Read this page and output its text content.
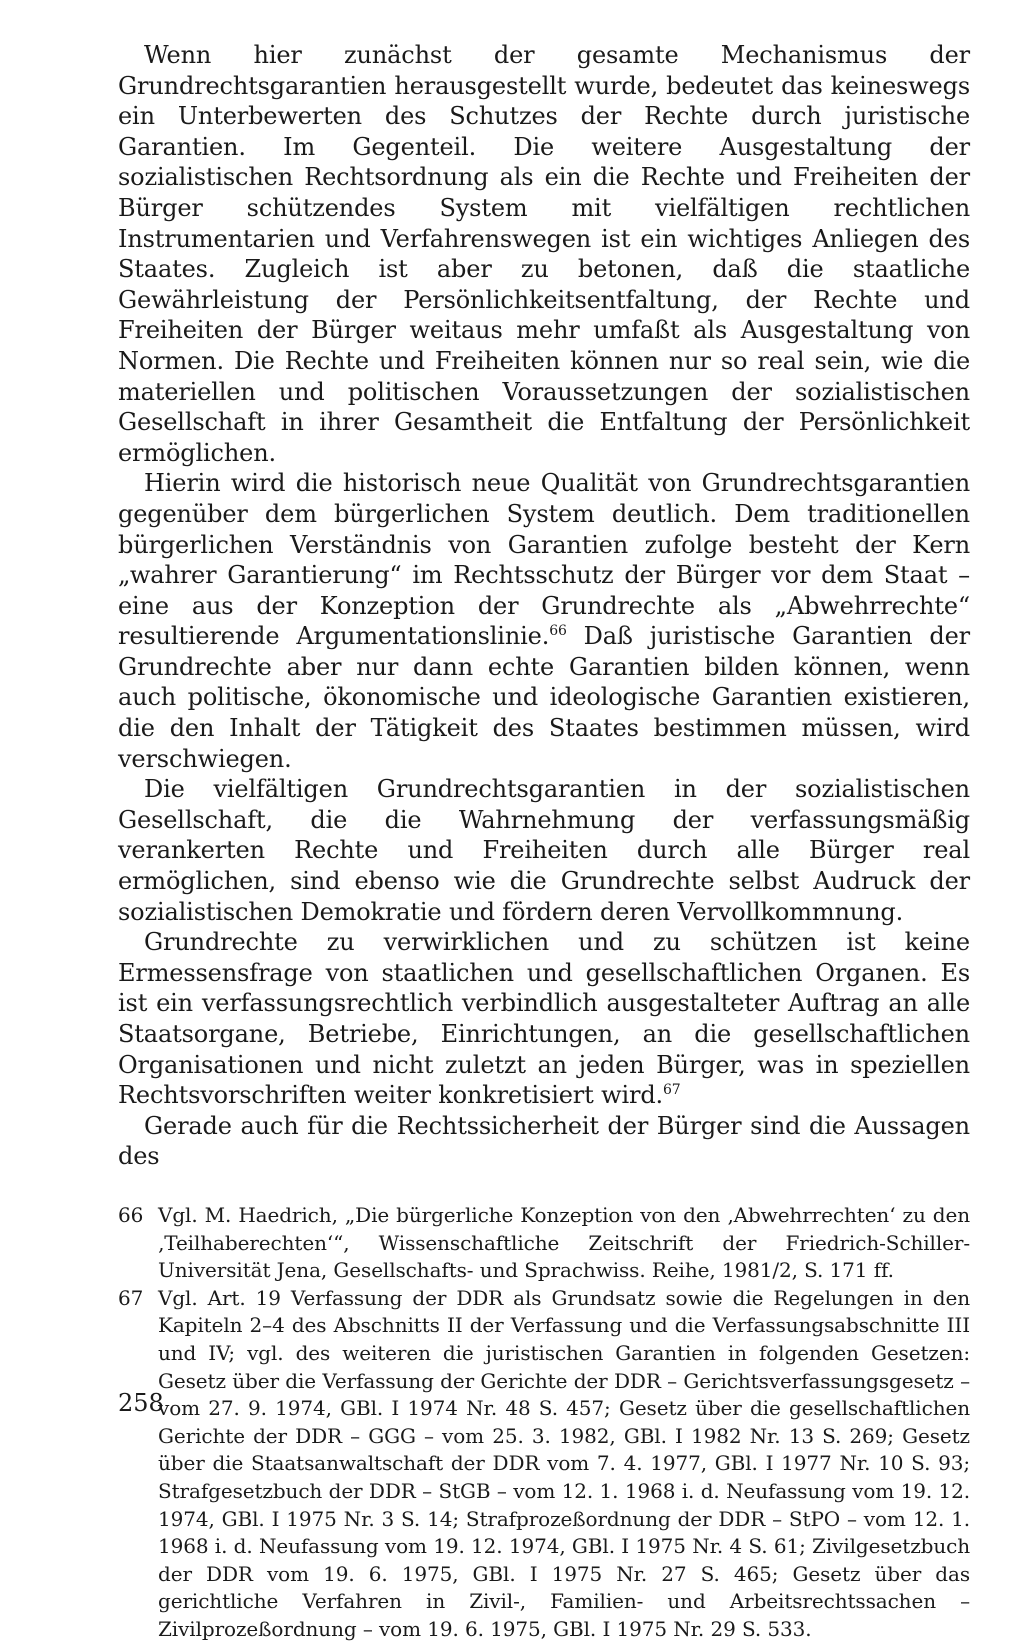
Wenn hier zunächst der gesamte Mechanismus der Grundrechtsgarantien herausgestellt wurde, bedeutet das keineswegs ein Unterbewerten des Schutzes der Rechte durch juristische Garantien. Im Gegenteil. Die weitere Ausgestaltung der sozialistischen Rechtsordnung als ein die Rechte und Freiheiten der Bürger schützendes System mit vielfältigen rechtlichen Instrumentarien und Verfahrenswegen ist ein wichtiges Anliegen des Staates. Zugleich ist aber zu betonen, daß die staatliche Gewährleistung der Persönlichkeitsentfaltung, der Rechte und Freiheiten der Bürger weitaus mehr umfaßt als Ausgestaltung von Normen. Die Rechte und Freiheiten können nur so real sein, wie die materiellen und politischen Voraussetzungen der sozialistischen Gesellschaft in ihrer Gesamtheit die Entfaltung der Persönlichkeit ermöglichen.

Hierin wird die historisch neue Qualität von Grundrechtsgarantien gegenüber dem bürgerlichen System deutlich. Dem traditionellen bürgerlichen Verständnis von Garantien zufolge besteht der Kern „wahrer Garantierung“ im Rechtsschutz der Bürger vor dem Staat – eine aus der Konzeption der Grundrechte als „Abwehrrechte“ resultierende Argumentationslinie.$^{66}$ Daß juristische Garantien der Grundrechte aber nur dann echte Garantien bilden können, wenn auch politische, ökonomische und ideologische Garantien existieren, die den Inhalt der Tätigkeit des Staates bestimmen müssen, wird verschwiegen.

Die vielfältigen Grundrechtsgarantien in der sozialistischen Gesellschaft, die die Wahrnehmung der verfassungsmäßig verankerten Rechte und Freiheiten durch alle Bürger real ermöglichen, sind ebenso wie die Grundrechte selbst Audruck der sozialistischen Demokratie und fördern deren Vervollkommnung.

Grundrechte zu verwirklichen und zu schützen ist keine Ermessensfrage von staatlichen und gesellschaftlichen Organen. Es ist ein verfassungsrechtlich verbindlich ausgestalteter Auftrag an alle Staatsorgane, Betriebe, Einrichtungen, an die gesellschaftlichen Organisationen und nicht zuletzt an jeden Bürger, was in speziellen Rechtsvorschriften weiter konkretisiert wird.$^{67}$

Gerade auch für die Rechtssicherheit der Bürger sind die Aussagen des

66 Vgl. M. Haedrich, „Die bürgerliche Konzeption von den ‚Abwehrrechten‘ zu den ‚Teilhaberechten‘“, Wissenschaftliche Zeitschrift der Friedrich-Schiller-Universität Jena, Gesellschafts- und Sprachwiss. Reihe, 1981/2, S. 171 ff.
67 Vgl. Art. 19 Verfassung der DDR als Grundsatz sowie die Regelungen in den Kapiteln 2–4 des Abschnitts II der Verfassung und die Verfassungsabschnitte III und IV; vgl. des weiteren die juristischen Garantien in folgenden Gesetzen: Gesetz über die Verfassung der Gerichte der DDR – Gerichtsverfassungsgesetz – vom 27. 9. 1974, GBl. I 1974 Nr. 48 S. 457; Gesetz über die gesellschaftlichen Gerichte der DDR – GGG – vom 25. 3. 1982, GBl. I 1982 Nr. 13 S. 269; Gesetz über die Staatsanwaltschaft der DDR vom 7. 4. 1977, GBl. I 1977 Nr. 10 S. 93; Strafgesetzbuch der DDR – StGB – vom 12. 1. 1968 i. d. Neufassung vom 19. 12. 1974, GBl. I 1975 Nr. 3 S. 14; Strafprozeßordnung der DDR – StPO – vom 12. 1. 1968 i. d. Neufassung vom 19. 12. 1974, GBl. I 1975 Nr. 4 S. 61; Zivilgesetzbuch der DDR vom 19. 6. 1975, GBl. I 1975 Nr. 27 S. 465; Gesetz über das gerichtliche Verfahren in Zivil-, Familien- und Arbeitsrechtssachen – Zivilprozeßordnung – vom 19. 6. 1975, GBl. I 1975 Nr. 29 S. 533.
258
